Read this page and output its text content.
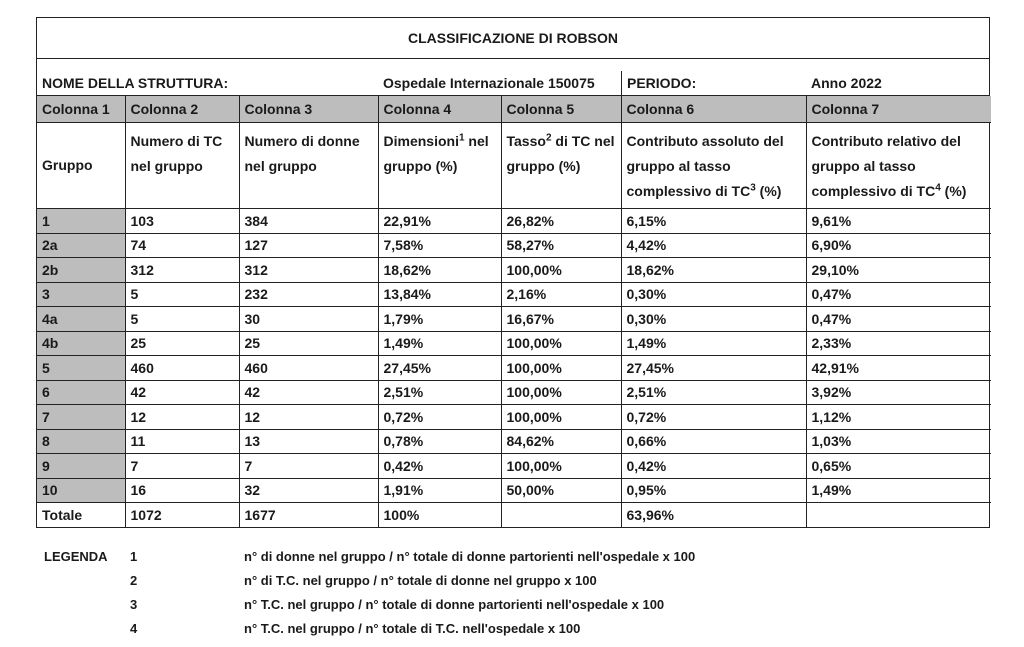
CLASSIFICAZIONE DI ROBSON
NOME DELLA STRUTTURA:	Ospedale Internazionale 150075	PERIODO:	Anno 2022
Colonna 1	Colonna 2	Colonna 3	Colonna 4	Colonna 5	Colonna 6	Colonna 7
Gruppo	Numero di TC nel gruppo	Numero di donne nel gruppo	Dimensioni$^1$ nel gruppo (%)	Tasso$^2$ di TC nel gruppo (%)	Contributo assoluto del gruppo al tasso complessivo di $TC^3$ (%)	Contributo relativo del gruppo al tasso complessivo di $TC^4$ (%)
1	103	384	22,91%	26,82%	6,15%	9,61%
2a	74	127	7,58%	58,27%	4,42%	6,90%
2b	312	312	18,62%	100,00%	18,62%	29,10%
3	5	232	13,84%	2,16%	0,30%	0,47%
4a	5	30	1,79%	16,67%	0,30%	0,47%
4b	25	25	1,49%	100,00%	1,49%	2,33%
5	460	460	27,45%	100,00%	27,45%	42,91%
6	42	42	2,51%	100,00%	2,51%	3,92%
7	12	12	0,72%	100,00%	0,72%	1,12%
8	11	13	0,78%	84,62%	0,66%	1,03%
9	7	7	0,42%	100,00%	0,42%	0,65%
10	16	32	1,91%	50,00%	0,95%	1,49%
Totale	1072	1677	100%		63,96%	
LEGENDA	1	n° di donne nel gruppo / n° totale di donne partorienti nell'ospedale x 100
2	n° di T.C. nel gruppo / n° totale di donne nel gruppo x 100
3	n° T.C. nel gruppo / n° totale di donne partorienti nell'ospedale x 100
4	n° T.C. nel gruppo / n° totale di T.C. nell'ospedale x 100
